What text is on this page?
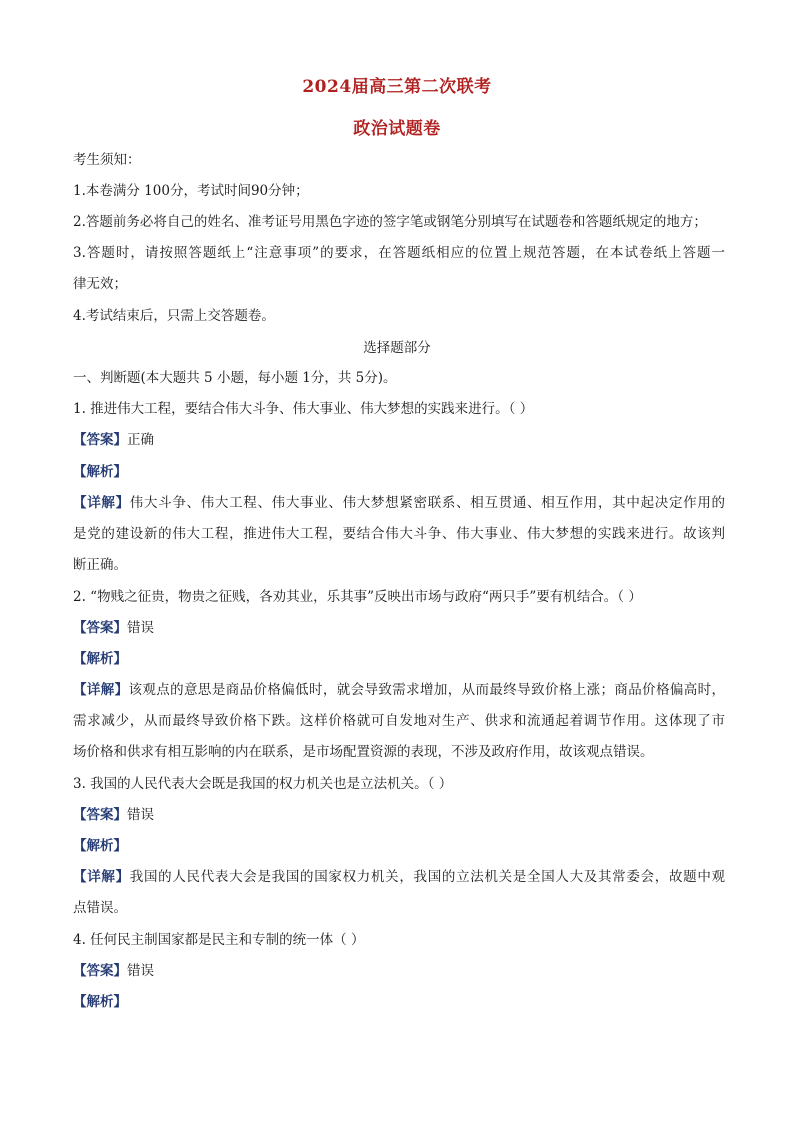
2024届高三第二次联考
政治试题卷
考生须知：
1.本卷满分 100分，考试时间90分钟；
2.答题前务必将自己的姓名、准考证号用黑色字迹的签字笔或钢笔分别填写在试题卷和答题纸规定的地方；
3.答题时，请按照答题纸上“注意事项”的要求，在答题纸相应的位置上规范答题，在本试卷纸上答题一
律无效；
4.考试结束后，只需上交答题卷。
选择题部分
一、判断题(本大题共 5 小题，每小题 1分，共 5分)。
1. 推进伟大工程，要结合伟大斗争、伟大事业、伟大梦想的实践来进行。（ ）
【答案】正确
【解析】
【详解】伟大斗争、伟大工程、伟大事业、伟大梦想紧密联系、相互贯通、相互作用，其中起决定作用的
是党的建设新的伟大工程，推进伟大工程，要结合伟大斗争、伟大事业、伟大梦想的实践来进行。故该判
断正确。
2. “物贱之征贵，物贵之征贱，各劝其业，乐其事”反映出市场与政府“两只手”要有机结合。（ ）
【答案】错误
【解析】
【详解】该观点的意思是商品价格偏低时，就会导致需求增加，从而最终导致价格上涨；商品价格偏高时，
需求减少，从而最终导致价格下跌。这样价格就可自发地对生产、供求和流通起着调节作用。这体现了市
场价格和供求有相互影响的内在联系，是市场配置资源的表现，不涉及政府作用，故该观点错误。
3. 我国的人民代表大会既是我国的权力机关也是立法机关。（ ）
【答案】错误
【解析】
【详解】我国的人民代表大会是我国的国家权力机关，我国的立法机关是全国人大及其常委会，故题中观
点错误。
4. 任何民主制国家都是民主和专制的统一体（ ）
【答案】错误
【解析】
